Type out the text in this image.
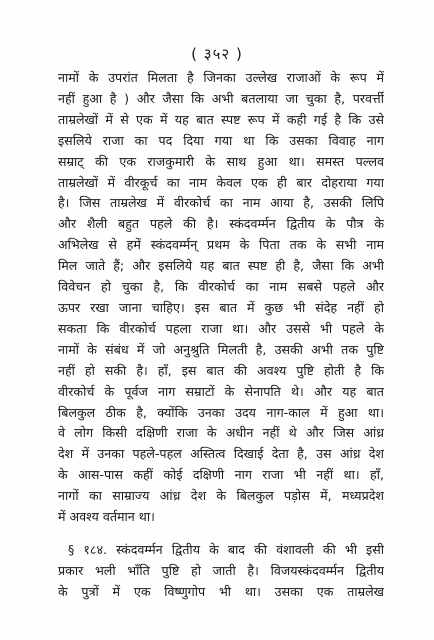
( ३५२ )
नामों के उपरांत मिलता है जिनका उल्लेख राजाओं के रूप में
नहीं हुआ है ) और जैसा कि अभी बतलाया जा चुका है, परवर्त्ती
ताम्रलेखों में से एक में यह बात स्पष्ट रूप में कही गई है कि उसे
इसलिये राजा का पद दिया गया था कि उसका विवाह नाग
सम्राट् की एक राजकुमारी के साथ हुआ था। समस्त पल्लव
ताम्रलेखों में वीरकूर्च का नाम केवल एक ही बार दोहराया गया
है। जिस ताम्रलेख में वीरकोर्च का नाम आया है, उसकी लिपि
और शैली बहुत पहले की है। स्कंदवर्म्मन द्वितीय के पौत्र के
अभिलेख से हमें स्कंदवर्म्मन् प्रथम के पिता तक के सभी नाम
मिल जाते हैं; और इसलिये यह बात स्पष्ट ही है, जैसा कि अभी
विवेचन हो चुका है, कि वीरकोर्च का नाम सबसे पहले और
ऊपर रखा जाना चाहिए। इस बात में कुछ भी संदेह नहीं हो
सकता कि वीरकोर्च पहला राजा था। और उससे भी पहले के
नामों के संबंध में जो अनुश्रुति मिलती है, उसकी अभी तक पुष्टि
नहीं हो सकी है। हाँ, इस बात की अवश्य पुष्टि होती है कि
वीरकोर्च के पूर्वज नाग सम्राटों के सेनापति थे। और यह बात
बिलकुल ठीक है, क्योंकि उनका उदय नाग-काल में हुआ था।
वे लोग किसी दक्षिणी राजा के अधीन नहीं थे और जिस आंध्र
देश में उनका पहले-पहल अस्तित्व दिखाई देता है, उस आंध्र देश
के आस-पास कहीं कोई दक्षिणी नाग राजा भी नहीं था। हाँ,
नागों का साम्राज्य आंध्र देश के बिलकुल पड़ोस में, मध्यप्रदेश
में अवश्य वर्तमान था।
§ १८४. स्कंदवर्म्मन द्वितीय के बाद की वंशावली की भी इसी
प्रकार भली भाँति पुष्टि हो जाती है। विजयस्कंदवर्म्मन द्वितीय
के पुत्रों में एक विष्णुगोप भी था। उसका एक ताम्रलेख
